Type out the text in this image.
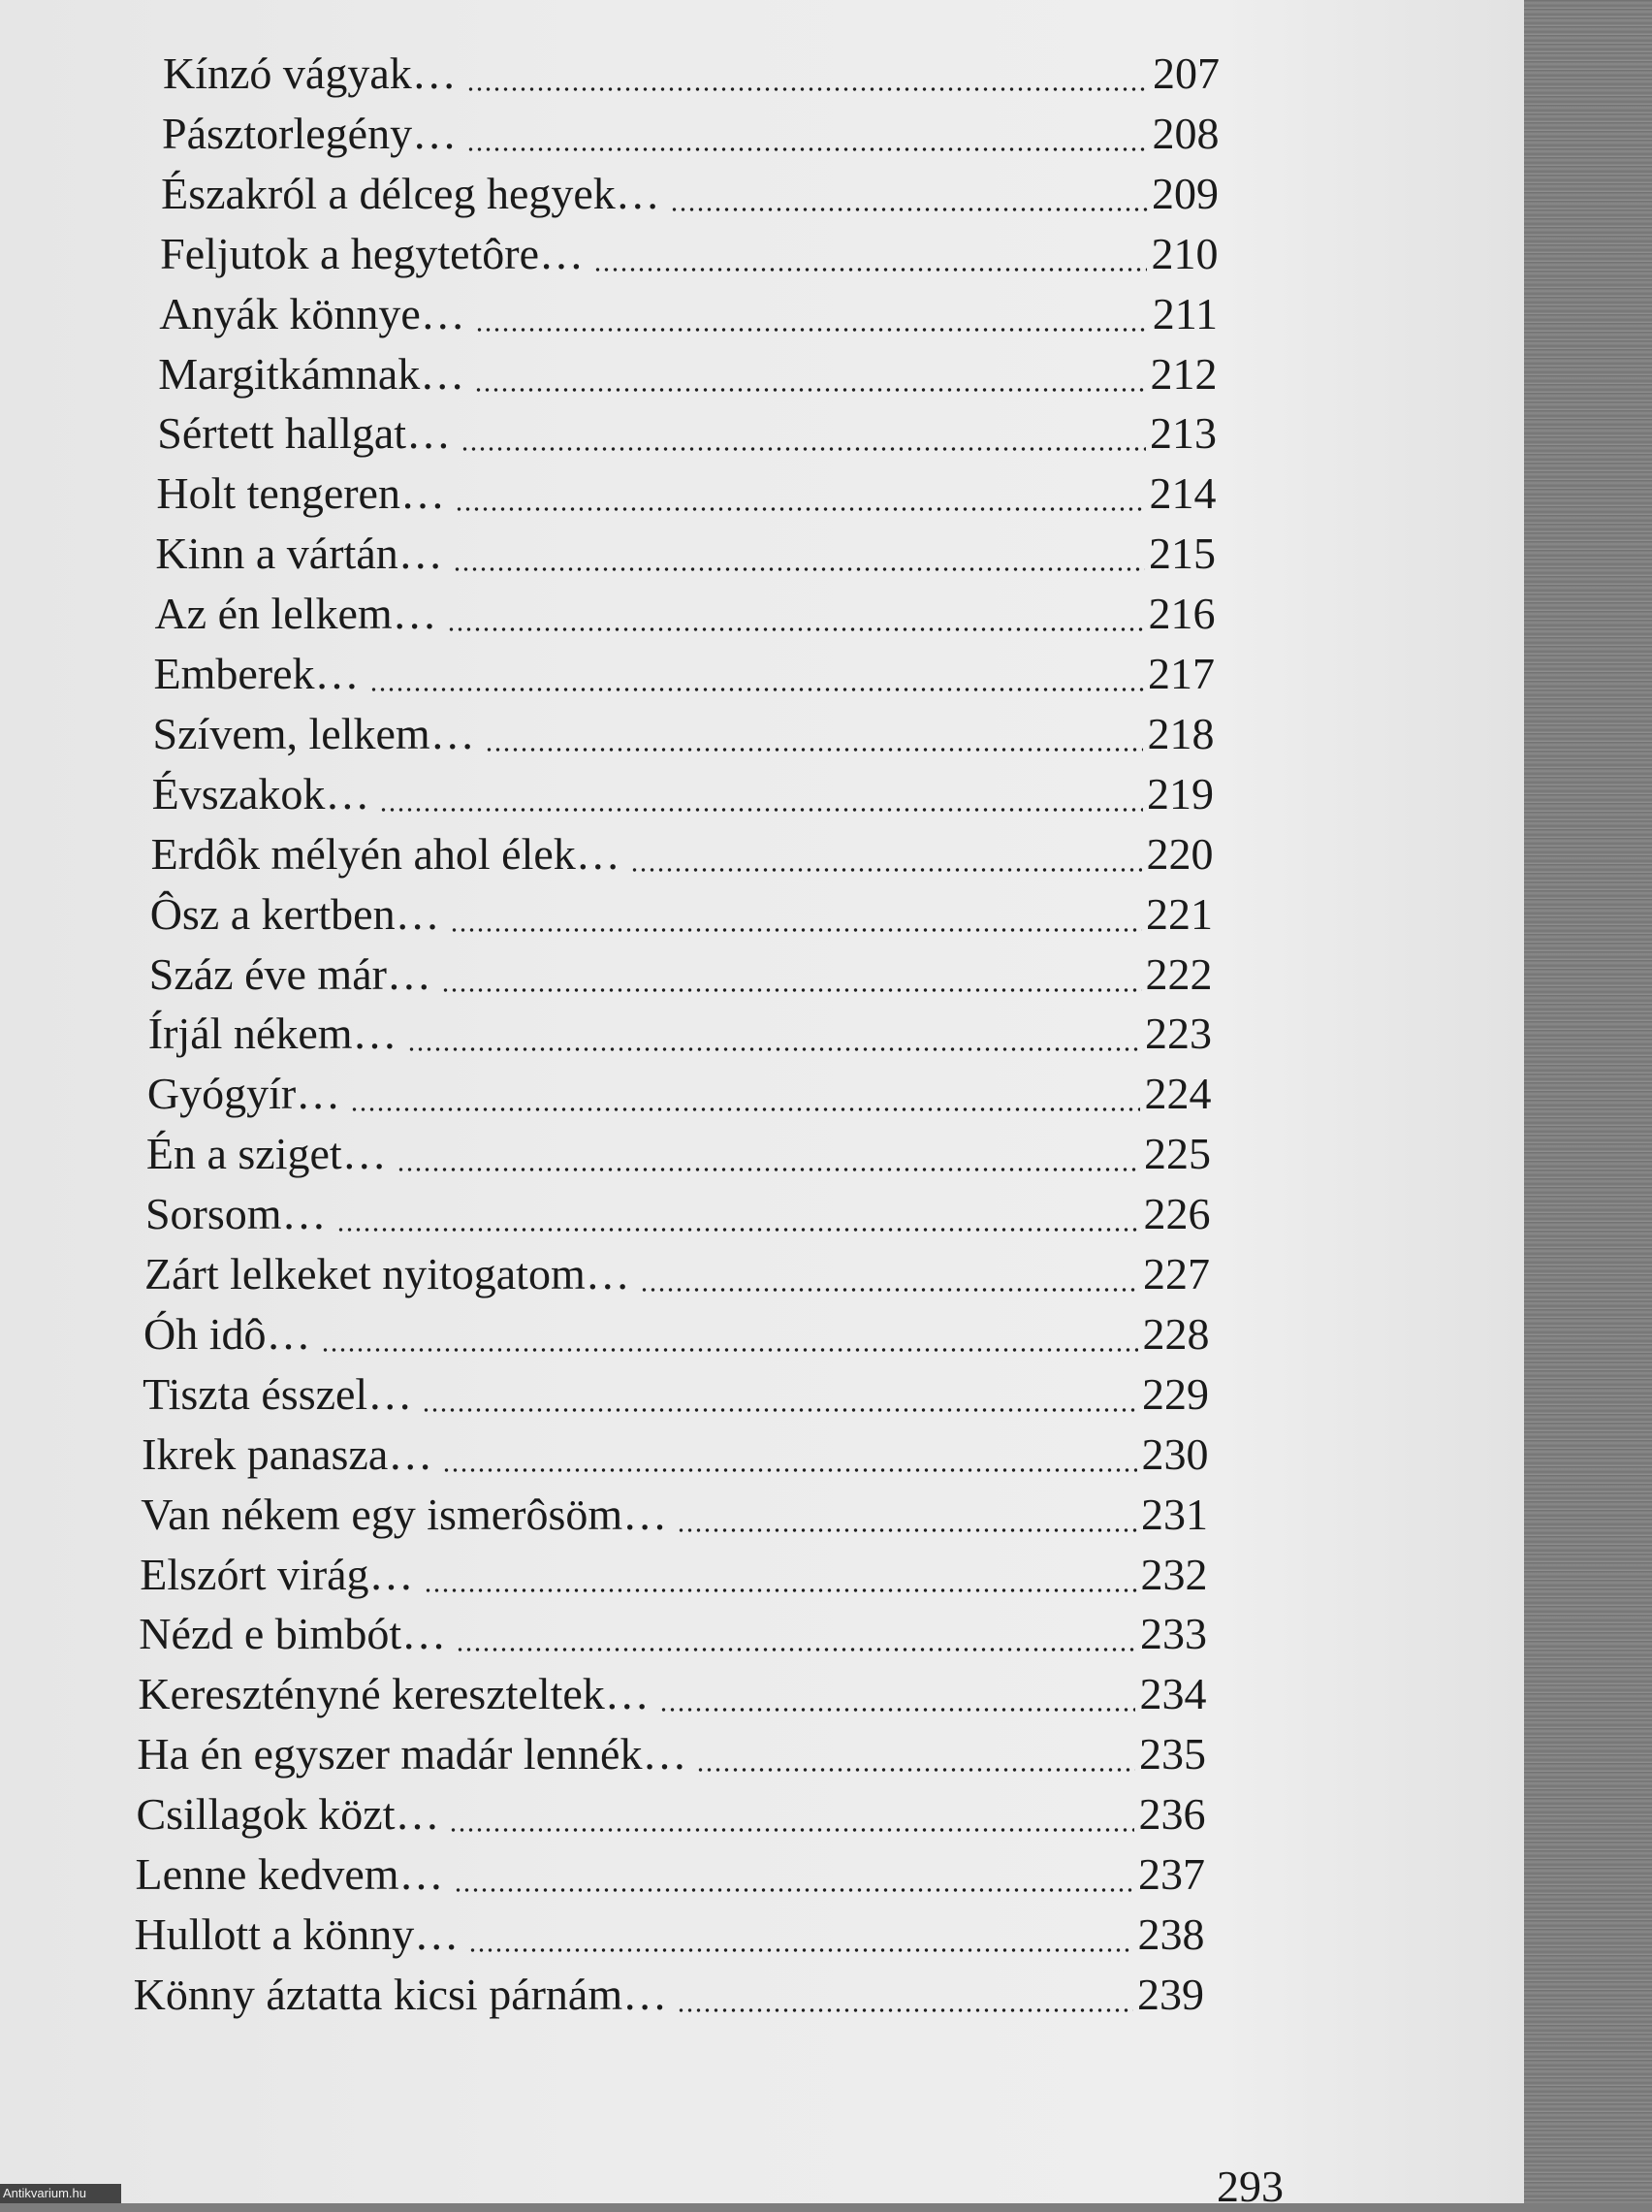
Kínzó vágyak…	207
Pásztorlegény…	208
Északról a délceg hegyek…	209
Feljutok a hegytetôre…	210
Anyák könnye…	211
Margitkámnak…	212
Sértett hallgat…	213
Holt tengeren…	214
Kinn a vártán…	215
Az én lelkem…	216
Emberek…	217
Szívem, lelkem…	218
Évszakok…	219
Erdôk mélyén ahol élek…	220
Ôsz a kertben…	221
Száz éve már…	222
Írjál nékem…	223
Gyógyír…	224
Én a sziget…	225
Sorsom…	226
Zárt lelkeket nyitogatom…	227
Óh idô…	228
Tiszta ésszel…	229
Ikrek panasza…	230
Van nékem egy ismerôsöm…	231
Elszórt virág…	232
Nézd e bimbót…	233
Keresztényné kereszteltek…	234
Ha én egyszer madár lennék…	235
Csillagok közt…	236
Lenne kedvem…	237
Hullott a könny…	238
Könny áztatta kicsi párnám…	239
293
Antikvarium.hu
